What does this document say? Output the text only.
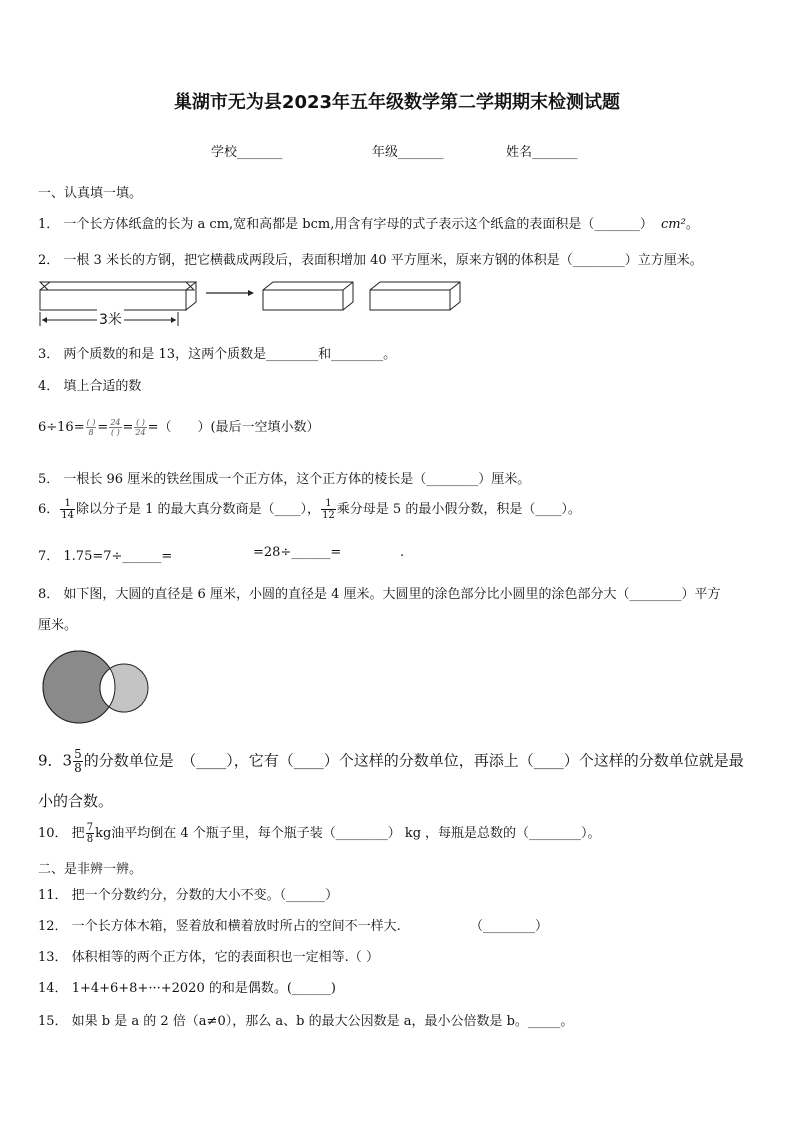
巢湖市无为县2023年五年级数学第二学期期末检测试题
学校_______	年级_______	姓名_______
一、认真填一填。
1． 一个长方体纸盒的长为 a cm,宽和高都是 bcm,用含有字母的式子表示这个纸盒的表面积是（_______） cm²。
2． 一根 3 米长的方钢，把它横截成两段后，表面积增加 40 平方厘米，原来方钢的体积是（________）立方厘米。
3米
3． 两个质数的和是 13，这两个质数是________和________。
4． 填上合适的数
$6\div 16= \frac{( )}{8} = \frac{24}{( )} = \frac{( )}{24}$ =（　　）(最后一空填小数）
5． 一根长 96 厘米的铁丝围成一个正方体，这个正方体的棱长是（________）厘米。
6． $\frac{1}{14}$ 除以分子是 1 的最大真分数商是（____）， $\frac{1}{12}$ 乘分母是 5 的最小假分数，积是（____）。
7． 1.75=7÷______=	=28÷______=	.
8． 如下图，大圆的直径是 6 厘米，小圆的直径是 4 厘米。大圆里的涂色部分比小圆里的涂色部分大（________）平方
厘米。
9．$3 \frac{5}{8}$ 的分数单位是　（____），它有（____）个这样的分数单位，再添上（____）个这样的分数单位就是最
小的合数。
10． 把 $\frac{7}{8}$ kg油平均倒在 4 个瓶子里，每个瓶子装（________） kg ，每瓶是总数的（________）。
二、是非辨一辨。
11． 把一个分数约分，分数的大小不变。（______）
12． 一个长方体木箱，竖着放和横着放时所占的空间不一样大.	（________）
13． 体积相等的两个正方体，它的表面积也一定相等.（ ）
14． 1+4+6+8+···+2020 的和是偶数。(______)
15． 如果 b 是 a 的 2 倍（a≠0），那么 a、b 的最大公因数是 a，最小公倍数是 b。_____。
